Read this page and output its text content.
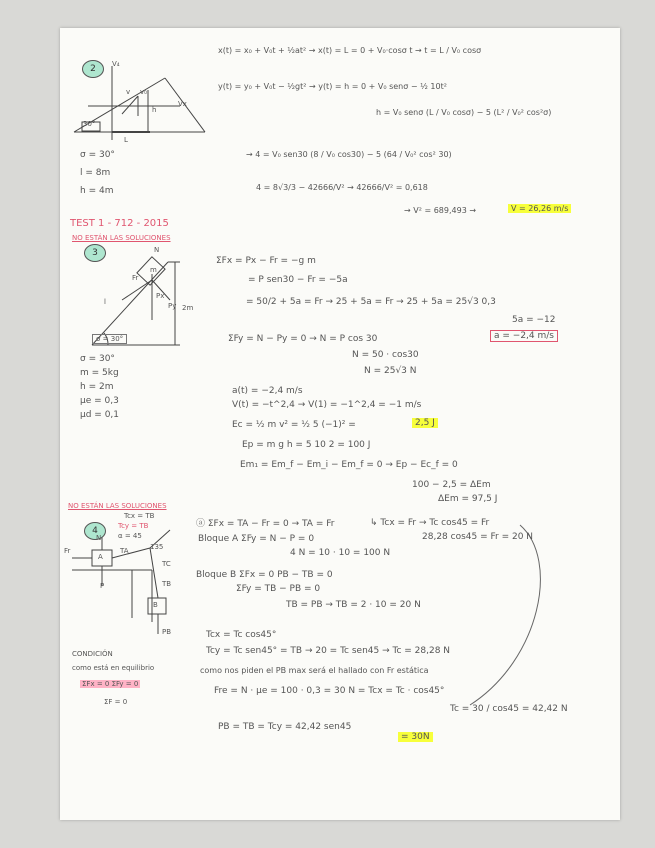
2	V₄
Vx
v v₀
30°
L
h
σ = 30°
l = 8m
h = 4m
x(t) = x₀ + V₀t + ½at² → x(t) = L = 0 + V₀·cosσ t → t = L / V₀ cosσ
y(t) = y₀ + V₀t − ½gt² → y(t) = h = 0 + V₀ senσ − ½ 10t²
h = V₀ senσ (L / V₀ cosσ) − 5 (L² / V₀² cos²σ)
→ 4 = V₀ sen30 (8 / V₀ cos30) − 5 (64 / V₀² cos² 30)
4 = 8√3/3 − 42666/V² → 42666/V² = 0,618
→ V² = 689,493 →	V = 26,26 m/s
TEST 1 - 712 - 2015
NO ESTÁN LAS SOLUCIONES
3	N
m
Fr
Px
Py
l
2m
σ = 30°
σ = 30°
m = 5kg
h = 2m
μe = 0,3
μd = 0,1
ΣFx = Px − Fr = −g m
= P sen30 − Fr = −5a
= 50/2 + 5a = Fr → 25 + 5a = Fr → 25 + 5a = 25√3 0,3
5a = −12
a = −2,4 m/s
ΣFy = N − Py = 0 → N = P cos 30
N = 50 · cos30
N = 25√3 N
a(t) = −2,4 m/s
V(t) = −t^2,4 → V(1) = −1^2,4 = −1 m/s
Ec = ½ m v² = ½ 5 (−1)² =	2,5 J
Ep = m g h = 5 10 2 = 100 J
Em₁ = Em_f − Em_i − Em_f = 0 → Ep − Ec_f = 0
100 − 2,5 = ΔEm
ΔEm = 97,5 J
NO ESTÁN LAS SOLUCIONES
4
Tcx = TB
Tcy = TB
α = 45
N
A
Fr
P
TA
TC
TB
B
PB
135
ⓐ ΣFx = TA − Fr = 0 → TA = Fr
Bloque A ΣFy = N − P = 0
4 N = 10 · 10 = 100 N
↳ Tcx = Fr → Tc cos45 = Fr
28,28 cos45 = Fr = 20 N
Bloque B ΣFx = 0 PB − TB = 0
ΣFy = TB − PB = 0
TB = PB → TB = 2 · 10 = 20 N
Tcx = Tc cos45°
Tcy = Tc sen45° = TB → 20 = Tc sen45 → Tc = 28,28 N
como nos piden el PB max será el hallado con Fr estática
Fre = N · μe = 100 · 0,3 = 30 N = Tcx = Tc · cos45°
Tc = 30 / cos45 = 42,42 N
PB = TB = Tcy = 42,42 sen45
= 30N
CONDICIÓN
como está en equilibrio
ΣFx = 0 ΣFy = 0
ΣF = 0
